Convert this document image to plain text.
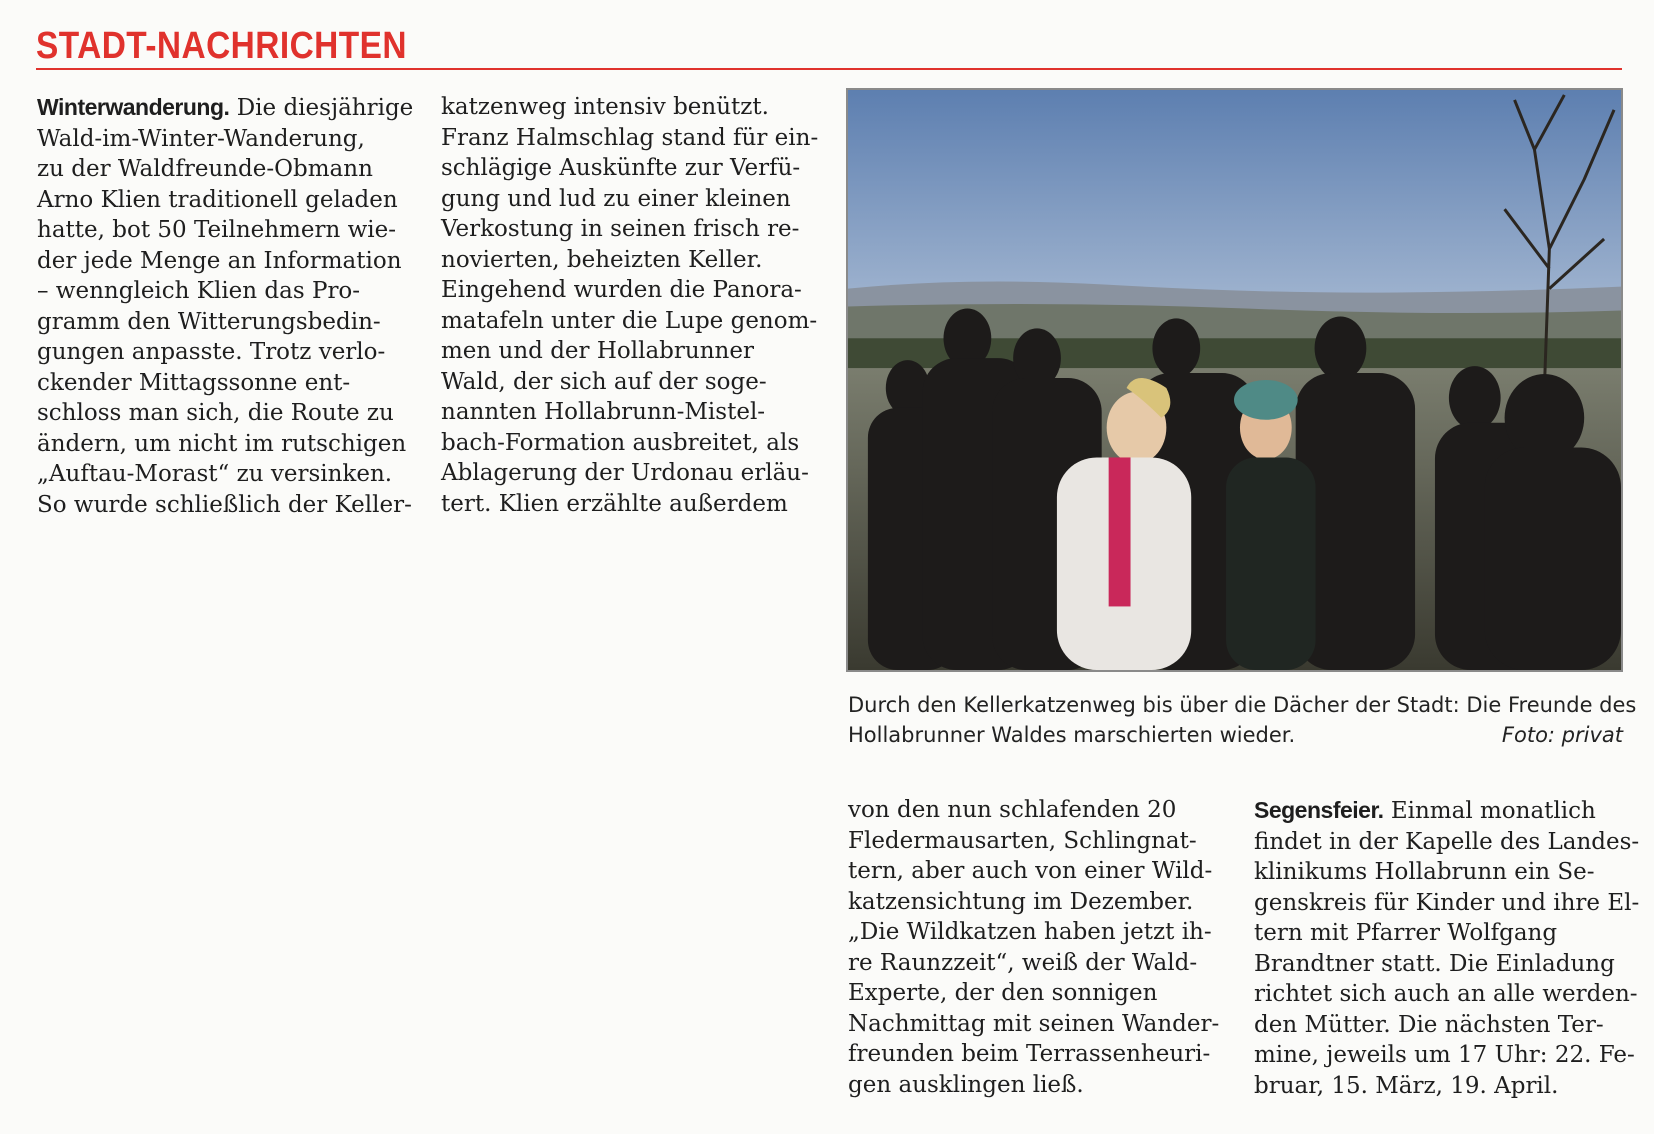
STADT-NACHRICHTEN
Winterwanderung. Die diesjährige
Wald-im-Winter-Wanderung,
zu der Waldfreunde-Obmann
Arno Klien traditionell geladen
hatte, bot 50 Teilnehmern wie-
der jede Menge an Information
– wenngleich Klien das Pro-
gramm den Witterungsbedin-
gungen anpasste. Trotz verlo-
ckender Mittagssonne ent-
schloss man sich, die Route zu
ändern, um nicht im rutschigen
„Auftau-Morast“ zu versinken.
So wurde schließlich der Keller-
katzenweg intensiv benützt.
Franz Halmschlag stand für ein-
schlägige Auskünfte zur Verfü-
gung und lud zu einer kleinen
Verkostung in seinen frisch re-
novierten, beheizten Keller.
Eingehend wurden die Panora-
matafeln unter die Lupe genom-
men und der Hollabrunner
Wald, der sich auf der soge-
nannten Hollabrunn-Mistel-
bach-Formation ausbreitet, als
Ablagerung der Urdonau erläu-
tert. Klien erzählte außerdem
Durch den Kellerkatzenweg bis über die Dächer der Stadt: Die Freunde des
Hollabrunner Waldes marschierten wieder.	Foto: privat
von den nun schlafenden 20
Fledermausarten, Schlingnat-
tern, aber auch von einer Wild-
katzensichtung im Dezember.
„Die Wildkatzen haben jetzt ih-
re Raunzzeit“, weiß der Wald-
Experte, der den sonnigen
Nachmittag mit seinen Wander-
freunden beim Terrassenheuri-
gen ausklingen ließ.
Segensfeier. Einmal monatlich
findet in der Kapelle des Landes-
klinikums Hollabrunn ein Se-
genskreis für Kinder und ihre El-
tern mit Pfarrer Wolfgang
Brandtner statt. Die Einladung
richtet sich auch an alle werden-
den Mütter. Die nächsten Ter-
mine, jeweils um 17 Uhr: 22. Fe-
bruar, 15. März, 19. April.
